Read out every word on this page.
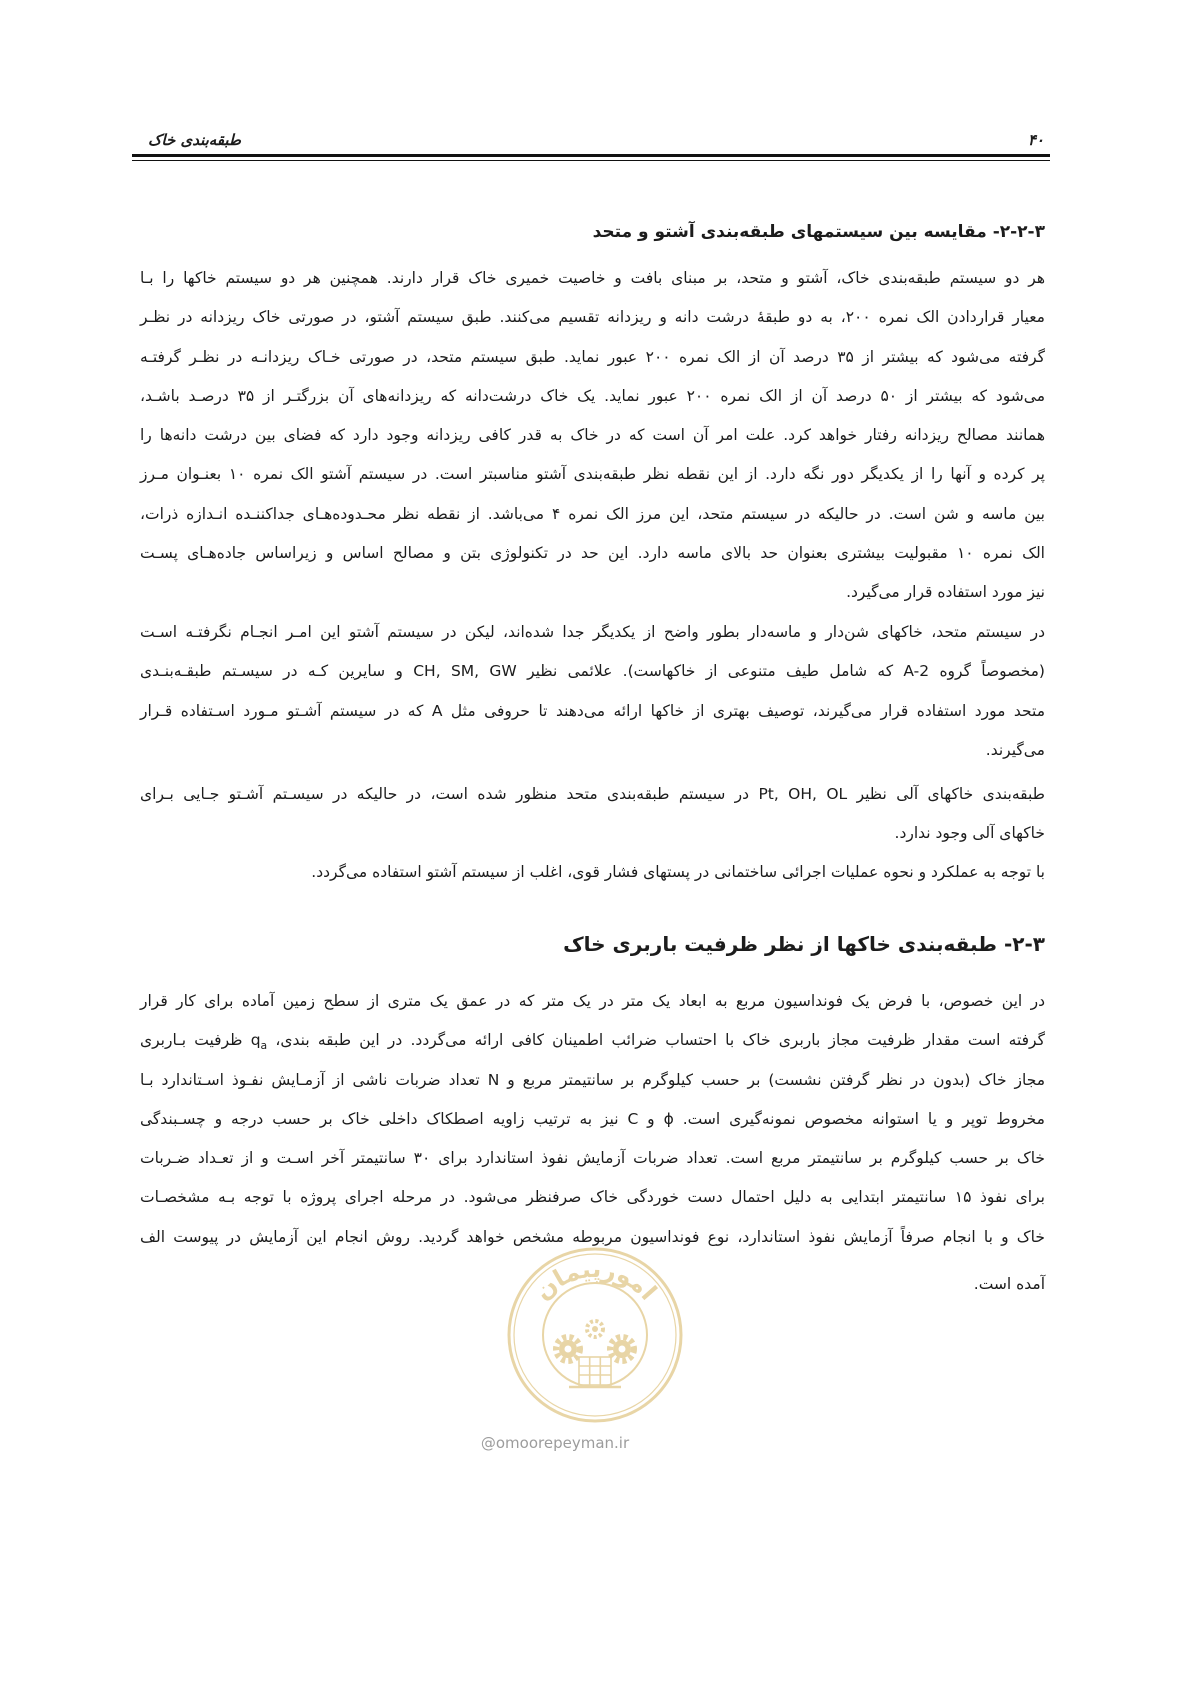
طبقه‌بندی خاک	۴۰
۲-۲-۳- مقایسه بین سیستمهای طبقه‌بندی آشتو و متحد
هر دو سیستم طبقه‌بندی خاک، آشتو و متحد، بر مبنای بافت و خاصیت خمیری خاک قرار دارند. همچنین هر دو سیستم خاکها را بـا
معیار قراردادن الک نمره ۲۰۰، به دو طبقهٔ درشت دانه و ریزدانه تقسیم می‌کنند. طبق سیستم آشتو، در صورتی خاک ریزدانه در نظـر
گرفته می‌شود که بیشتر از ۳۵ درصد آن از الک نمره ۲۰۰ عبور نماید. طبق سیستم متحد، در صورتی خـاک ریزدانـه در نظـر گرفتـه
می‌شود که بیشتر از ۵۰ درصد آن از الک نمره ۲۰۰ عبور نماید. یک خاک درشت‌دانه که ریزدانه‌های آن بزرگتـر از ۳۵ درصـد باشـد،
همانند مصالح ریزدانه رفتار خواهد کرد. علت امر آن است که در خاک به قدر کافی ریزدانه وجود دارد که فضای بین درشت دانه‌ها را
پر کرده و آنها را از یکدیگر دور نگه دارد. از این نقطه نظر طبقه‌بندی آشتو مناسبتر است. در سیستم آشتو الک نمره ۱۰ بعنـوان مـرز
بین ماسه و شن است. در حالیکه در سیستم متحد، این مرز الک نمره ۴ می‌باشد. از نقطه نظر محـدوده‌هـای جداکننـده انـدازه ذرات،
الک نمره ۱۰ مقبولیت بیشتری بعنوان حد بالای ماسه دارد. این حد در تکنولوژی بتن و مصالح اساس و زیراساس جاده‌هـای پسـت
نیز مورد استفاده قرار می‌گیرد.
در سیستم متحد، خاکهای شن‌دار و ماسه‌دار بطور واضح از یکدیگر جدا شده‌اند، لیکن در سیستم آشتو این امـر انجـام نگرفتـه اسـت
(مخصوصاً گروه A-2 که شامل طیف متنوعی از خاکهاست). علائمی نظیر CH, SM, GW و سایرین کـه در سیسـتم طبقـه‌بنـدی
متحد مورد استفاده قرار می‌گیرند، توصیف بهتری از خاکها ارائه می‌دهند تا حروفی مثل A که در سیستم آشـتو مـورد اسـتفاده قـرار
می‌گیرند.
طبقه‌بندی خاکهای آلی نظیر Pt, OH, OL در سیستم طبقه‌بندی متحد منظور شده است، در حالیکه در سیسـتم آشـتو جـایی بـرای
خاکهای آلی وجود ندارد.
با توجه به عملکرد و نحوه عملیات اجرائی ساختمانی در پستهای فشار قوی، اغلب از سیستم آشتو استفاده می‌گردد.
۲-۳- طبقه‌بندی خاکها از نظر ظرفیت باربری خاک
در این خصوص، با فرض یک فونداسیون مربع به ابعاد یک متر در یک متر که در عمق یک متری از سطح زمین آماده برای کار قرار
گرفته است مقدار ظرفیت مجاز باربری خاک با احتساب ضرائب اطمینان کافی ارائه می‌گردد. در این طبقه بندی، $q_a$ ظرفیت بـاربری
مجاز خاک (بدون در نظر گرفتن نشست) بر حسب کیلوگرم بر سانتیمتر مربع و N تعداد ضربات ناشی از آزمـایش نفـوذ اسـتاندارد بـا
مخروط توپر و یا استوانه مخصوص نمونه‌گیری است. ϕ و C نیز به ترتیب زاویه اصطکاک داخلی خاک بر حسب درجه و چسـبندگی
خاک بر حسب کیلوگرم بر سانتیمتر مربع است. تعداد ضربات آزمایش نفوذ استاندارد برای ۳۰ سانتیمتر آخر اسـت و از تعـداد ضـربات
برای نفوذ ۱۵ سانتیمتر ابتدایی به دلیل احتمال دست خوردگی خاک صرفنظر می‌شود. در مرحله اجرای پروژه با توجه بـه مشخصـات
خاک و با انجام صرفاً آزمایش نفوذ استاندارد، نوع فونداسیون مربوطه مشخص خواهد گردید. روش انجام این آزمایش در پیوست الف
آمده است.
امورپیمان
@omoorepeyman.ir
